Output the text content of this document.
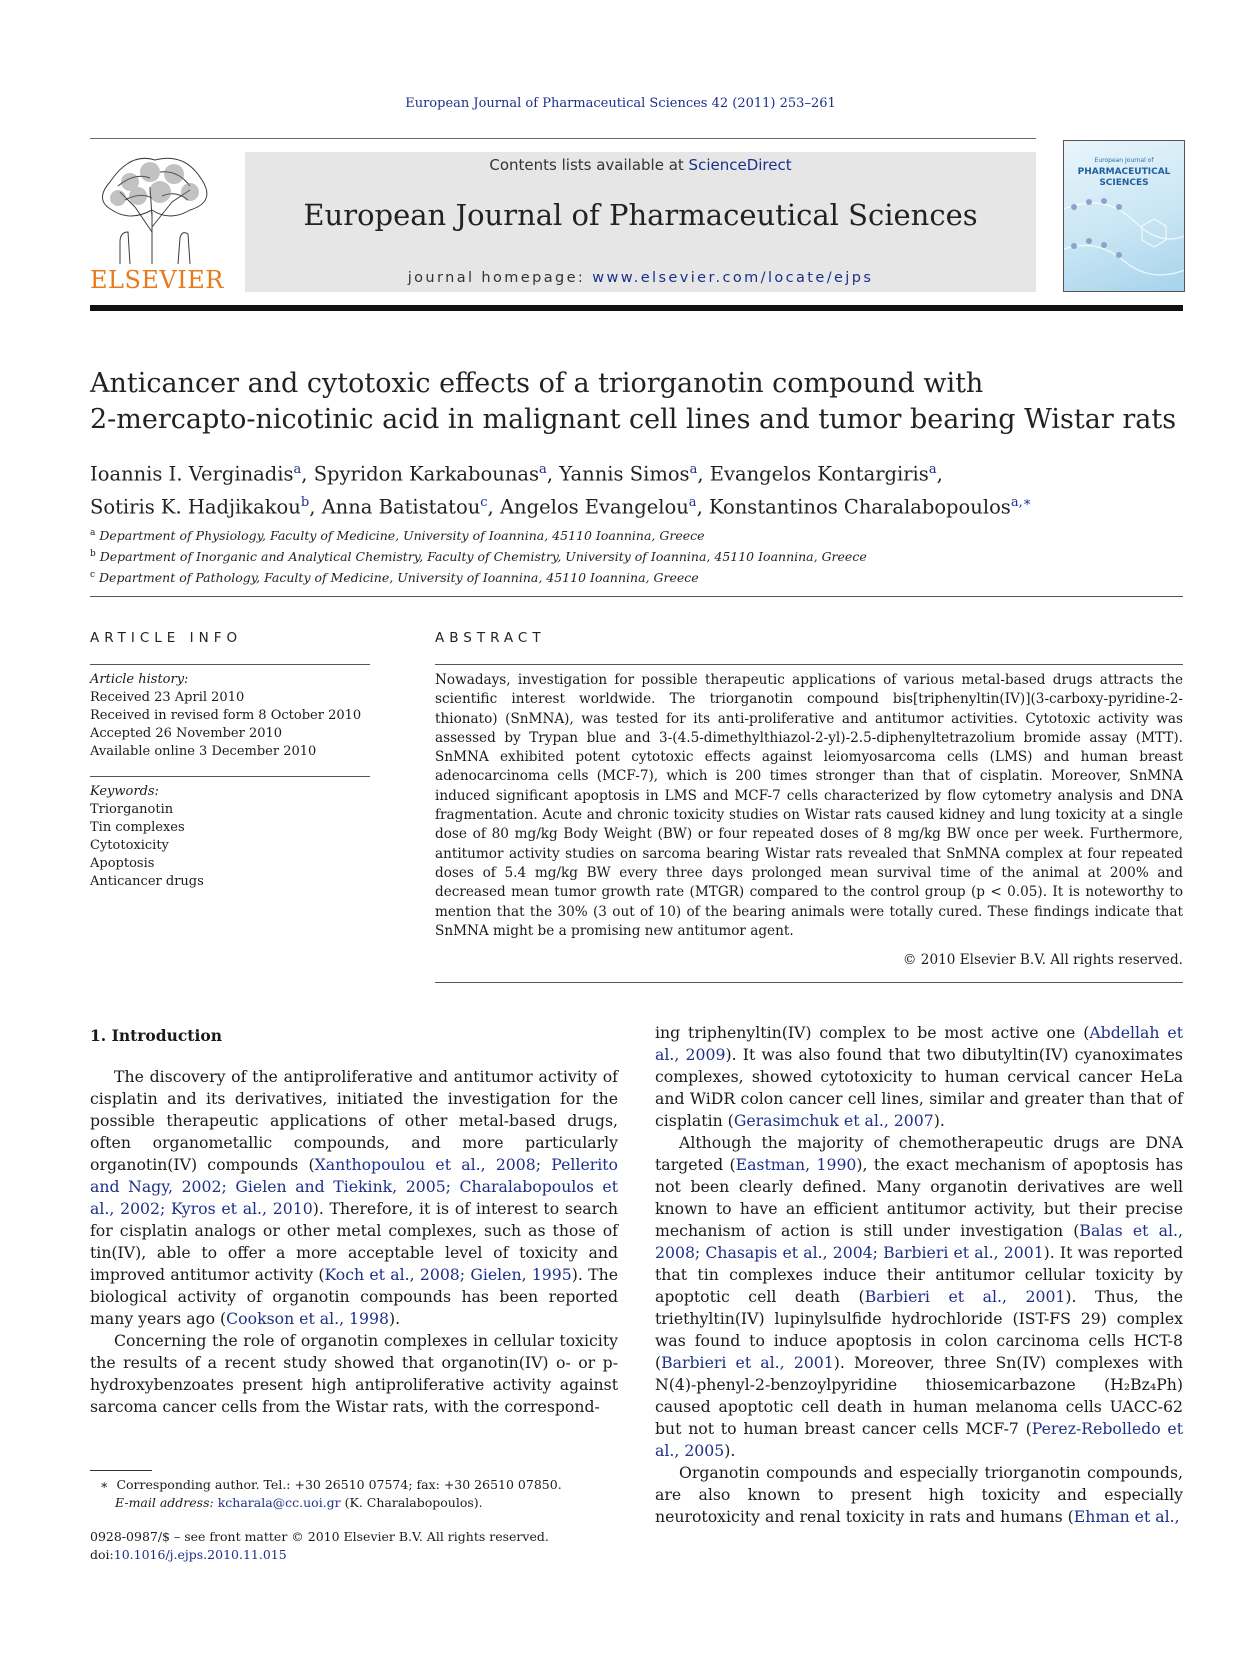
European Journal of Pharmaceutical Sciences 42 (2011) 253–261
ELSEVIER
Contents lists available at ScienceDirect
European Journal of Pharmaceutical Sciences
journal homepage: www.elsevier.com/locate/ejps
European Journal of
PHARMACEUTICAL
SCIENCES
Anticancer and cytotoxic effects of a triorganotin compound with
2-mercapto-nicotinic acid in malignant cell lines and tumor bearing Wistar rats
Ioannis I. Verginadis$^a$, Spyridon Karkabounas$^a$, Yannis Simos$^a$, Evangelos Kontargiris$^a$,
Sotiris K. Hadjikakou$^b$, Anna Batistatou$^c$, Angelos Evangelou$^a$, Konstantinos Charalabopoulos$^{a,∗}$
$^a$ Department of Physiology, Faculty of Medicine, University of Ioannina, 45110 Ioannina, Greece
$^b$ Department of Inorganic and Analytical Chemistry, Faculty of Chemistry, University of Ioannina, 45110 Ioannina, Greece
$^c$ Department of Pathology, Faculty of Medicine, University of Ioannina, 45110 Ioannina, Greece
ARTICLE INFO	ABSTRACT
Article history:
Received 23 April 2010
Received in revised form 8 October 2010
Accepted 26 November 2010
Available online 3 December 2010
Keywords:
Triorganotin
Tin complexes
Cytotoxicity
Apoptosis
Anticancer drugs
Nowadays, investigation for possible therapeutic applications of various metal-based drugs attracts the scientific interest worldwide. The triorganotin compound bis[triphenyltin(IV)](3-carboxy-pyridine-2-thionato) (SnMNA), was tested for its anti-proliferative and antitumor activities. Cytotoxic activity was assessed by Trypan blue and 3-(4.5-dimethylthiazol-2-yl)-2.5-diphenyltetrazolium bromide assay (MTT). SnMNA exhibited potent cytotoxic effects against leiomyosarcoma cells (LMS) and human breast adenocarcinoma cells (MCF-7), which is 200 times stronger than that of cisplatin. Moreover, SnMNA induced significant apoptosis in LMS and MCF-7 cells characterized by flow cytometry analysis and DNA fragmentation. Acute and chronic toxicity studies on Wistar rats caused kidney and lung toxicity at a single dose of 80 mg/kg Body Weight (BW) or four repeated doses of 8 mg/kg BW once per week. Furthermore, antitumor activity studies on sarcoma bearing Wistar rats revealed that SnMNA complex at four repeated doses of 5.4 mg/kg BW every three days prolonged mean survival time of the animal at 200% and decreased mean tumor growth rate (MTGR) compared to the control group (p < 0.05). It is noteworthy to mention that the 30% (3 out of 10) of the bearing animals were totally cured. These findings indicate that SnMNA might be a promising new antitumor agent.
© 2010 Elsevier B.V. All rights reserved.
1. Introduction

The discovery of the antiproliferative and antitumor activity of cisplatin and its derivatives, initiated the investigation for the possible therapeutic applications of other metal-based drugs, often organometallic compounds, and more particularly organotin(IV) compounds (Xanthopoulou et al., 2008; Pellerito and Nagy, 2002; Gielen and Tiekink, 2005; Charalabopoulos et al., 2002; Kyros et al., 2010). Therefore, it is of interest to search for cisplatin analogs or other metal complexes, such as those of tin(IV), able to offer a more acceptable level of toxicity and improved antitumor activity (Koch et al., 2008; Gielen, 1995). The biological activity of organotin compounds has been reported many years ago (Cookson et al., 1998).

Concerning the role of organotin complexes in cellular toxicity the results of a recent study showed that organotin(IV) o- or p-hydroxybenzoates present high antiproliferative activity against sarcoma cancer cells from the Wistar rats, with the correspond-

ing triphenyltin(IV) complex to be most active one (Abdellah et al., 2009). It was also found that two dibutyltin(IV) cyanoximates complexes, showed cytotoxicity to human cervical cancer HeLa and WiDR colon cancer cell lines, similar and greater than that of cisplatin (Gerasimchuk et al., 2007).

Although the majority of chemotherapeutic drugs are DNA targeted (Eastman, 1990), the exact mechanism of apoptosis has not been clearly defined. Many organotin derivatives are well known to have an efficient antitumor activity, but their precise mechanism of action is still under investigation (Balas et al., 2008; Chasapis et al., 2004; Barbieri et al., 2001). It was reported that tin complexes induce their antitumor cellular toxicity by apoptotic cell death (Barbieri et al., 2001). Thus, the triethyltin(IV) lupinylsulfide hydrochloride (IST-FS 29) complex was found to induce apoptosis in colon carcinoma cells HCT-8 (Barbieri et al., 2001). Moreover, three Sn(IV) complexes with N(4)-phenyl-2-benzoylpyridine thiosemicarbazone (H₂Bz₄Ph) caused apoptotic cell death in human melanoma cells UACC-62 but not to human breast cancer cells MCF-7 (Perez-Rebolledo et al., 2005).

Organotin compounds and especially triorganotin compounds, are also known to present high toxicity and especially neurotoxicity and renal toxicity in rats and humans (Ehman et al.,

∗ Corresponding author. Tel.: +30 26510 07574; fax: +30 26510 07850.
E-mail address: kcharala@cc.uoi.gr (K. Charalabopoulos).
0928-0987/$ – see front matter © 2010 Elsevier B.V. All rights reserved.
doi:10.1016/j.ejps.2010.11.015
